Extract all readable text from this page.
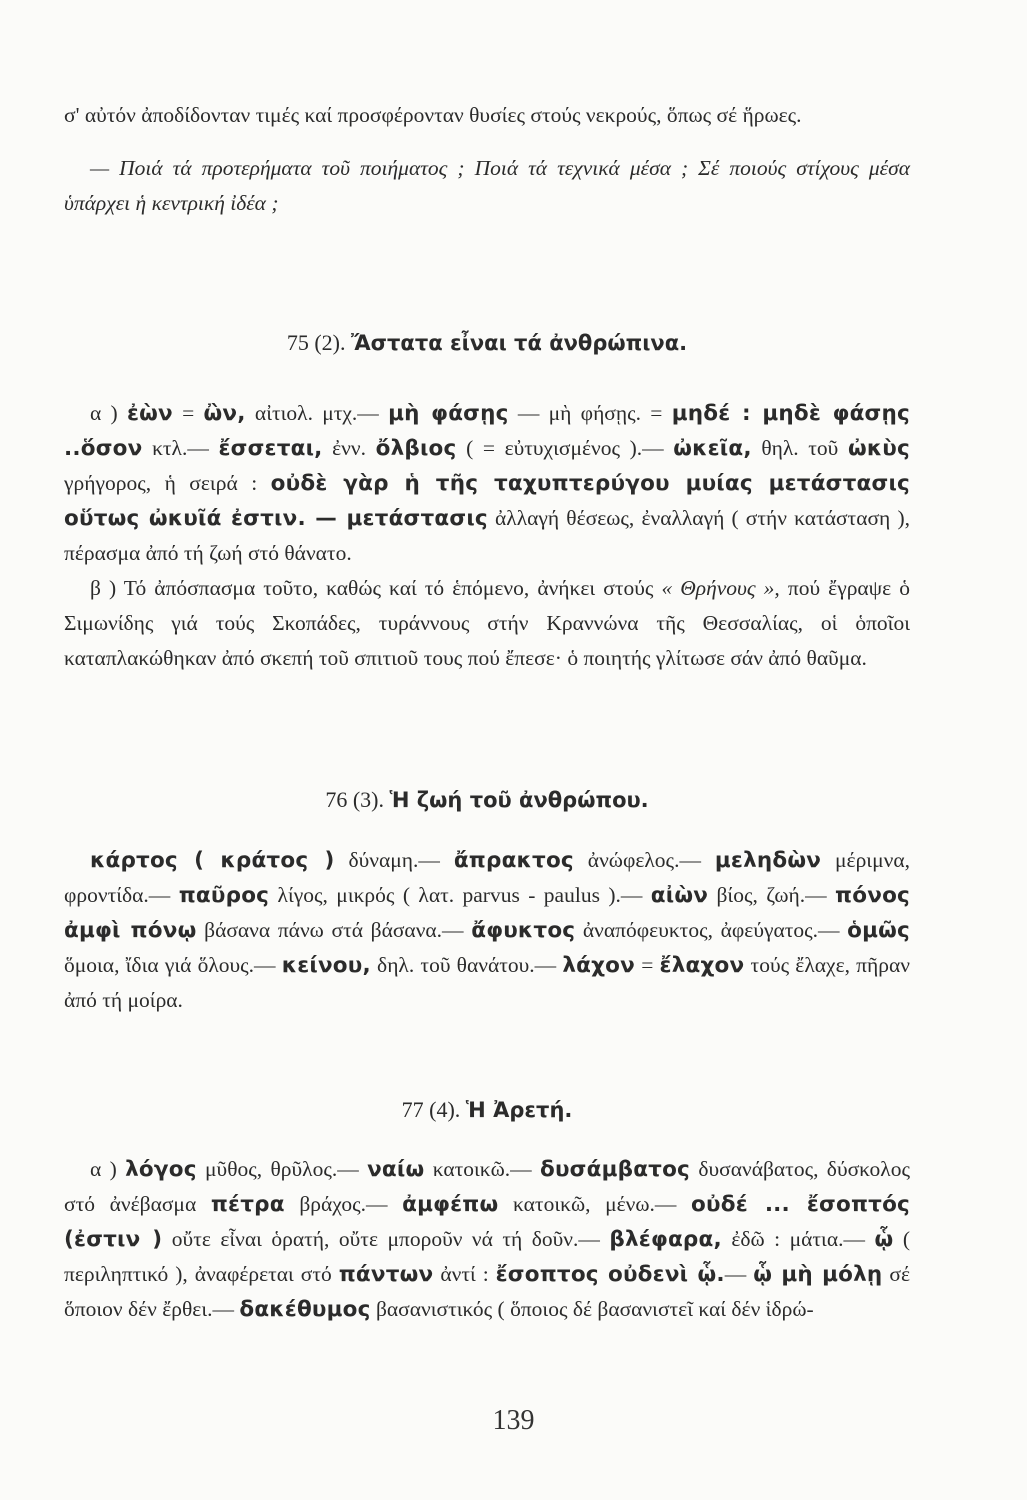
σ' αὐτόν ἀποδίδονταν τιμές καί προσφέρονταν θυσίες στούς νεκρούς, ὅπως σέ ἥρωες.

— Ποιά τά προτερήματα τοῦ ποιήματος ; Ποιά τά τεχνικά μέσα ; Σέ ποιούς στίχους μέσα ὑπάρχει ἡ κεντρική ἰδέα ;

75 (2). Ἄστατα εἶναι τά ἀνθρώπινα.

α ) ἐὼν = ὢν, αἰτιολ. μτχ.— μὴ φάσῃς — μὴ φήσῃς. = μηδέ : μηδὲ φάσῃς ..ὅσον κτλ.— ἔσσεται, ἐνν. ὄλβιος ( = εὐτυχισμένος ).— ὠκεῖα, θηλ. τοῦ ὠκὺς γρήγορος, ἡ σειρά : οὐδὲ γὰρ ἡ τῆς ταχυπτερύγου μυίας μετάστασις οὕτως ὠκυῖά ἐστιν. — μετάστασις ἀλλαγή θέσεως, ἐναλλαγή ( στήν κατάσταση ), πέρασμα ἀπό τή ζωή στό θάνατο.

β ) Τό ἀπόσπασμα τοῦτο, καθώς καί τό ἑπόμενο, ἀνήκει στούς « Θρήνους », πού ἔγραψε ὁ Σιμωνίδης γιά τούς Σκοπάδες, τυράννους στήν Κραννώνα τῆς Θεσσαλίας, οἱ ὁποῖοι καταπλακώθηκαν ἀπό σκεπή τοῦ σπιτιοῦ τους πού ἔπεσε· ὁ ποιητής γλίτωσε σάν ἀπό θαῦμα.

76 (3). Ἡ ζωή τοῦ ἀνθρώπου.

κάρτος ( κράτος ) δύναμη.— ἄπρακτος ἀνώφελος.— μεληδὼν μέριμνα, φροντίδα.— παῦρος λίγος, μικρός ( λατ. parvus - paulus ).— αἰὼν βίος, ζωή.— πόνος ἀμφὶ πόνῳ βάσανα πάνω στά βάσανα.— ἄφυκτος ἀναπόφευκτος, ἀφεύγατος.— ὁμῶς ὅμοια, ἴδια γιά ὅλους.— κείνου, δηλ. τοῦ θανάτου.— λάχον = ἔλαχον τούς ἔλαχε, πῆραν ἀπό τή μοίρα.

77 (4). Ἡ Ἀρετή.

α ) λόγος μῦθος, θρῦλος.— ναίω κατοικῶ.— δυσάμβατος δυσανάβατος, δύσκολος στό ἀνέβασμα πέτρα βράχος.— ἀμφέπω κατοικῶ, μένω.— οὐδέ ... ἔσοπτός (ἐστιν ) οὔτε εἶναι ὁρατή, οὔτε μποροῦν νά τή δοῦν.— βλέφαρα, ἐδῶ : μάτια.— ᾧ ( περιληπτικό ), ἀναφέρεται στό πάντων ἀντί : ἔσοπτος οὐδενὶ ᾧ.— ᾧ μὴ μόλῃ σέ ὅποιον δέν ἔρθει.— δακέθυμος βασανιστικός ( ὅποιος δέ βασανιστεῖ καί δέν ἱδρώ-

139
